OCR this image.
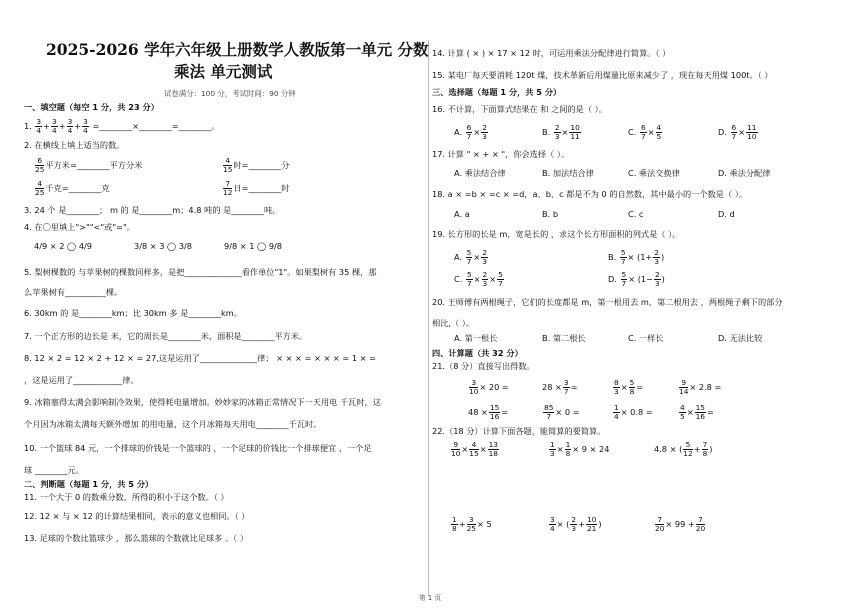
2025-2026 学年六年级上册数学人教版第一单元 分数
乘法 单元测试
试卷满分：100 分，考试时间：90 分钟
一、填空题（每空 1 分，共 23 分）
1. $\frac{3}{4} + \frac{3}{4} + \frac{3}{4} + \frac{3}{4}$ =________×________=________。
2. 在横线上填上适当的数。
$\frac{6}{25}$ 平方米=________平方分米	$\frac{4}{15}$ 时=________分
$\frac{4}{25}$ 千克=________克	$\frac{7}{12}$ 日=________时
3. 24 个 是________； m 的 是________m；4.8 吨的 是________吨。
4. 在〇里填上">""<"或"="。
4/9 × 2 ◯ 4/9	3/8 × 3 ◯ 3/8	9/8 × 1 ◯ 9/8
5. 梨树棵数的 与苹果树的棵数同样多，是把______________看作单位"1"。如果梨树有 35 棵，那
么苹果树有__________棵。
6. 30km 的 是________km；比 30km 多 是________km。
7. 一个正方形的边长是 米，它的周长是________米，面积是________平方米。
8. 12 × 2 = 12 × 2 + 12 × = 27,这是运用了______________律； × × × = × × × = 1 × =
，这是运用了____________律。
9. 冰箱塞得太满会影响制冷效果，使得耗电量增加。妙妙家的冰箱正常情况下一天用电 千瓦时，这
个月因为冰箱太满每天额外增加 的用电量，这个月冰箱每天用电________千瓦时。
10. 一个篮球 84 元，一个排球的价钱是一个篮球的 ，一个足球的价钱比一个排球便宜 ，一个足
球 ________元。
二、判断题（每题 1 分，共 5 分）
11. 一个大于 0 的数乘分数，所得的积小于这个数。（ ）
12. 12 × 与 × 12 的计算结果相同，表示的意义也相同。（ ）
13. 足球的个数比篮球少 ，那么篮球的个数就比足球多 。（ ）
14. 计算 ( × ) × 17 × 12 时，可运用乘法分配律进行简算。（ ）
15. 某电厂每天要消耗 120t 煤，技术革新后用煤量比原来减少了 ，现在每天用煤 100t。（ ）
三、选择题（每题 1 分，共 5 分）
16. 不计算，下面算式结果在 和 之间的是（ ）。
A. $\frac{6}{7} \times \frac{2}{3}$	B. $\frac{2}{3} \times \frac{10}{11}$	C. $\frac{6}{7} \times \frac{4}{5}$	D. $\frac{6}{7} \times \frac{11}{10}$
17. 计算 " × + × "，你会选择（ ）。
A. 乘法结合律	B. 加法结合律	C. 乘法交换律	D. 乘法分配律
18. a × =b × =c × =d，a、b、c 都是不为 0 的自然数，其中最小的一个数是（ ）。
A. a	B. b	C. c	D. d
19. 长方形的长是 m，宽是长的 ，求这个长方形面积的列式是（ ）。
A. $\frac{5}{7} \times \frac{2}{3}$	B. $\frac{5}{7} \times (1+ \frac{2}{3}$ )
C. $\frac{5}{7} \times \frac{2}{3} \times \frac{5}{7}$	D. $\frac{5}{7} \times (1- \frac{2}{3}$ )
20. 王师傅有两根绳子，它们的长度都是 m，第一根用去 m，第二根用去 ，两根绳子剩下的部分
相比,（ ）。
A. 第一根长	B. 第二根长	C. 一样长	D. 无法比较
四、计算题（共 32 分）
21.（8 分）直接写出得数。
$\frac{3}{10} \times 20$ =	$28 \times \frac{3}{7}$ =	$\frac{8}{3} \times \frac{5}{8}$ =	$\frac{9}{14} \times 2.8$ =
$48 \times \frac{15}{16}$ =	$\frac{85}{7} \times 0$ =	$\frac{1}{4} \times 0.8$ =	$\frac{4}{5} \times \frac{15}{16}$ =
22.（18 分）计算下面各题，能简算的要简算。
$\frac{9}{10} \times \frac{4}{15} \times \frac{13}{18}$	$\frac{1}{3} \times \frac{1}{8} \times 9 \times 24$	4.8 × ( $\frac{5}{12} + \frac{7}{8}$ )
$\frac{1}{8} + \frac{3}{25} \times 5$	$\frac{3}{4}$ × ( $\frac{2}{3} + \frac{10}{21}$ )	$\frac{7}{20} \times 99 + \frac{7}{20}$
第 1 页
